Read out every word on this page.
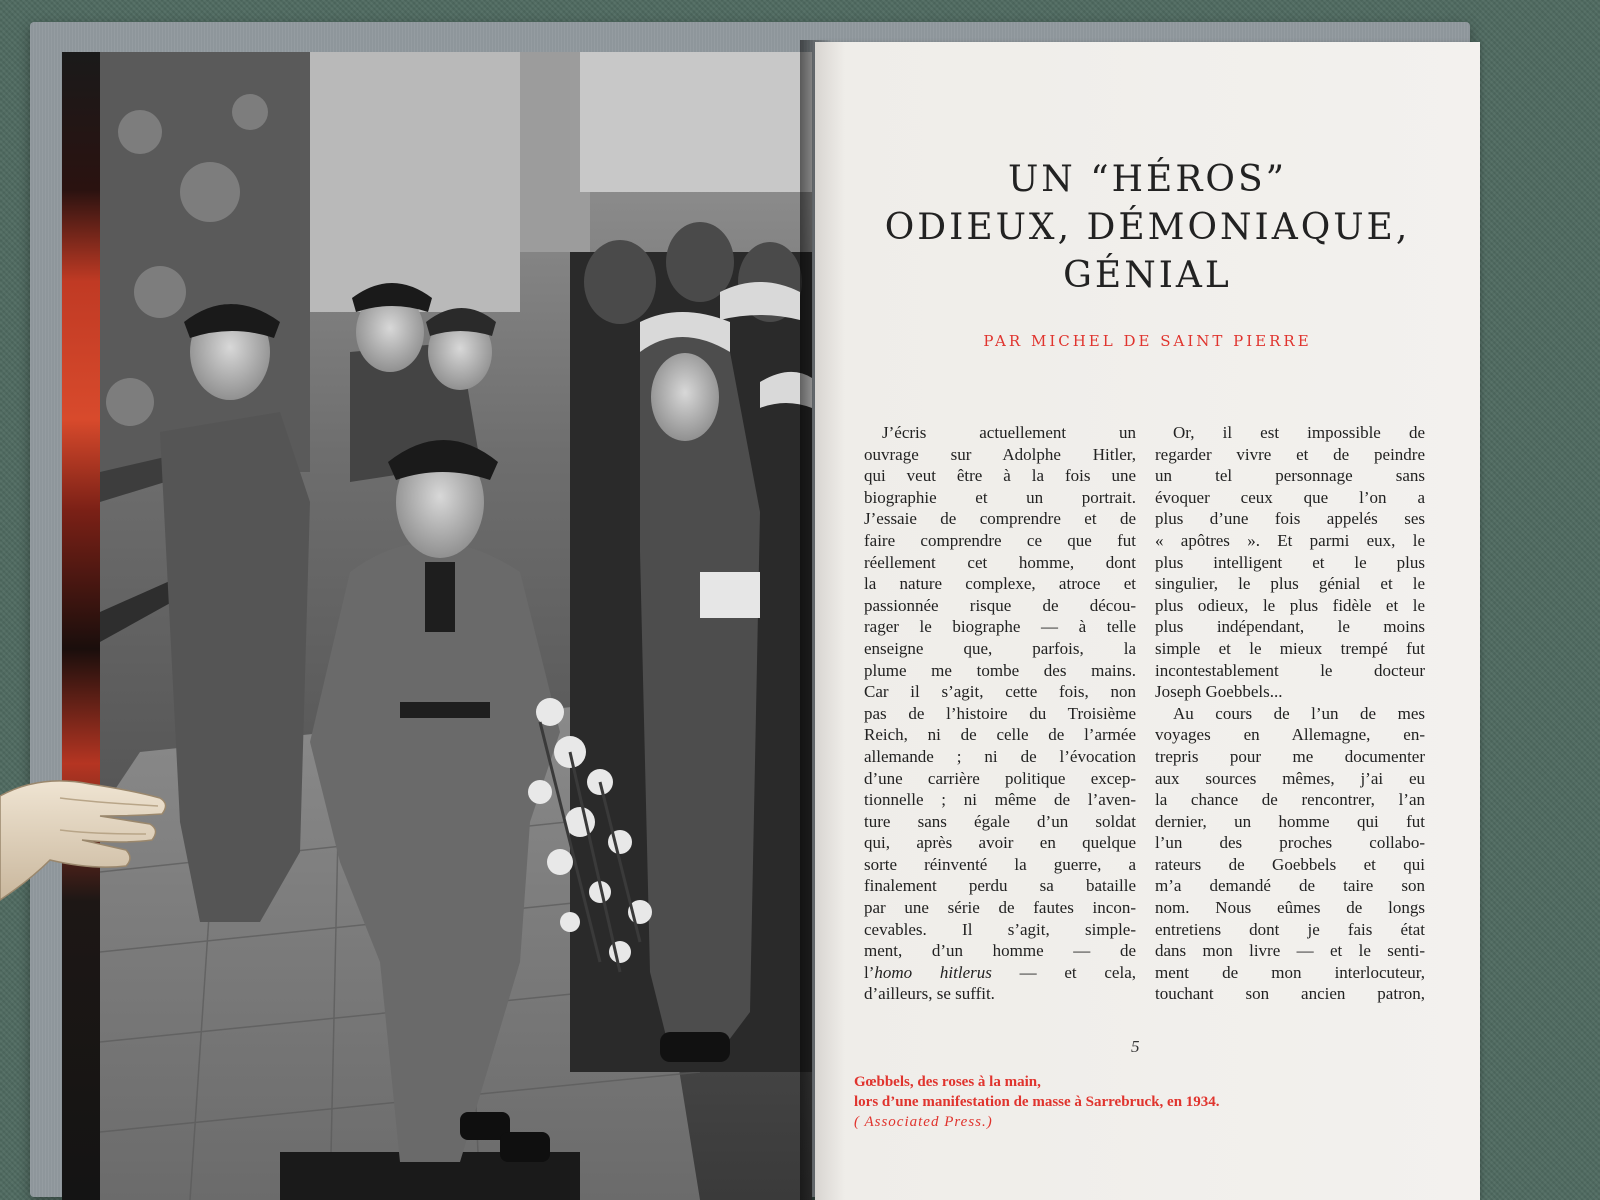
UN “HÉROS”
ODIEUX, DÉMONIAQUE,
GÉNIAL
PAR MICHEL DE SAINT PIERRE
J’écris actuellement un
ouvrage sur Adolphe Hitler,
qui veut être à la fois une
biographie et un portrait.
J’essaie de comprendre et de
faire comprendre ce que fut
réellement cet homme, dont
la nature complexe, atroce et
passionnée risque de décou-
rager le biographe — à telle
enseigne que, parfois, la
plume me tombe des mains.
Car il s’agit, cette fois, non
pas de l’histoire du Troisième
Reich, ni de celle de l’armée
allemande ; ni de l’évocation
d’une carrière politique excep-
tionnelle ; ni même de l’aven-
ture sans égale d’un soldat
qui, après avoir en quelque
sorte réinventé la guerre, a
finalement perdu sa bataille
par une série de fautes incon-
cevables. Il s’agit, simple-
ment, d’un homme — de
l’homo hitlerus — et cela,
d’ailleurs, se suffit.
Or, il est impossible de
regarder vivre et de peindre
un tel personnage sans
évoquer ceux que l’on a
plus d’une fois appelés ses
« apôtres ». Et parmi eux, le
plus intelligent et le plus
singulier, le plus génial et le
plus odieux, le plus fidèle et le
plus indépendant, le moins
simple et le mieux trempé fut
incontestablement le docteur
Joseph Goebbels...
Au cours de l’un de mes
voyages en Allemagne, en-
trepris pour me documenter
aux sources mêmes, j’ai eu
la chance de rencontrer, l’an
dernier, un homme qui fut
l’un des proches collabo-
rateurs de Goebbels et qui
m’a demandé de taire son
nom. Nous eûmes de longs
entretiens dont je fais état
dans mon livre — et le senti-
ment de mon interlocuteur,
touchant son ancien patron,
5
Gœbbels, des roses à la main,
lors d’une manifestation de masse à Sarrebruck, en 1934.
( Associated Press.)
